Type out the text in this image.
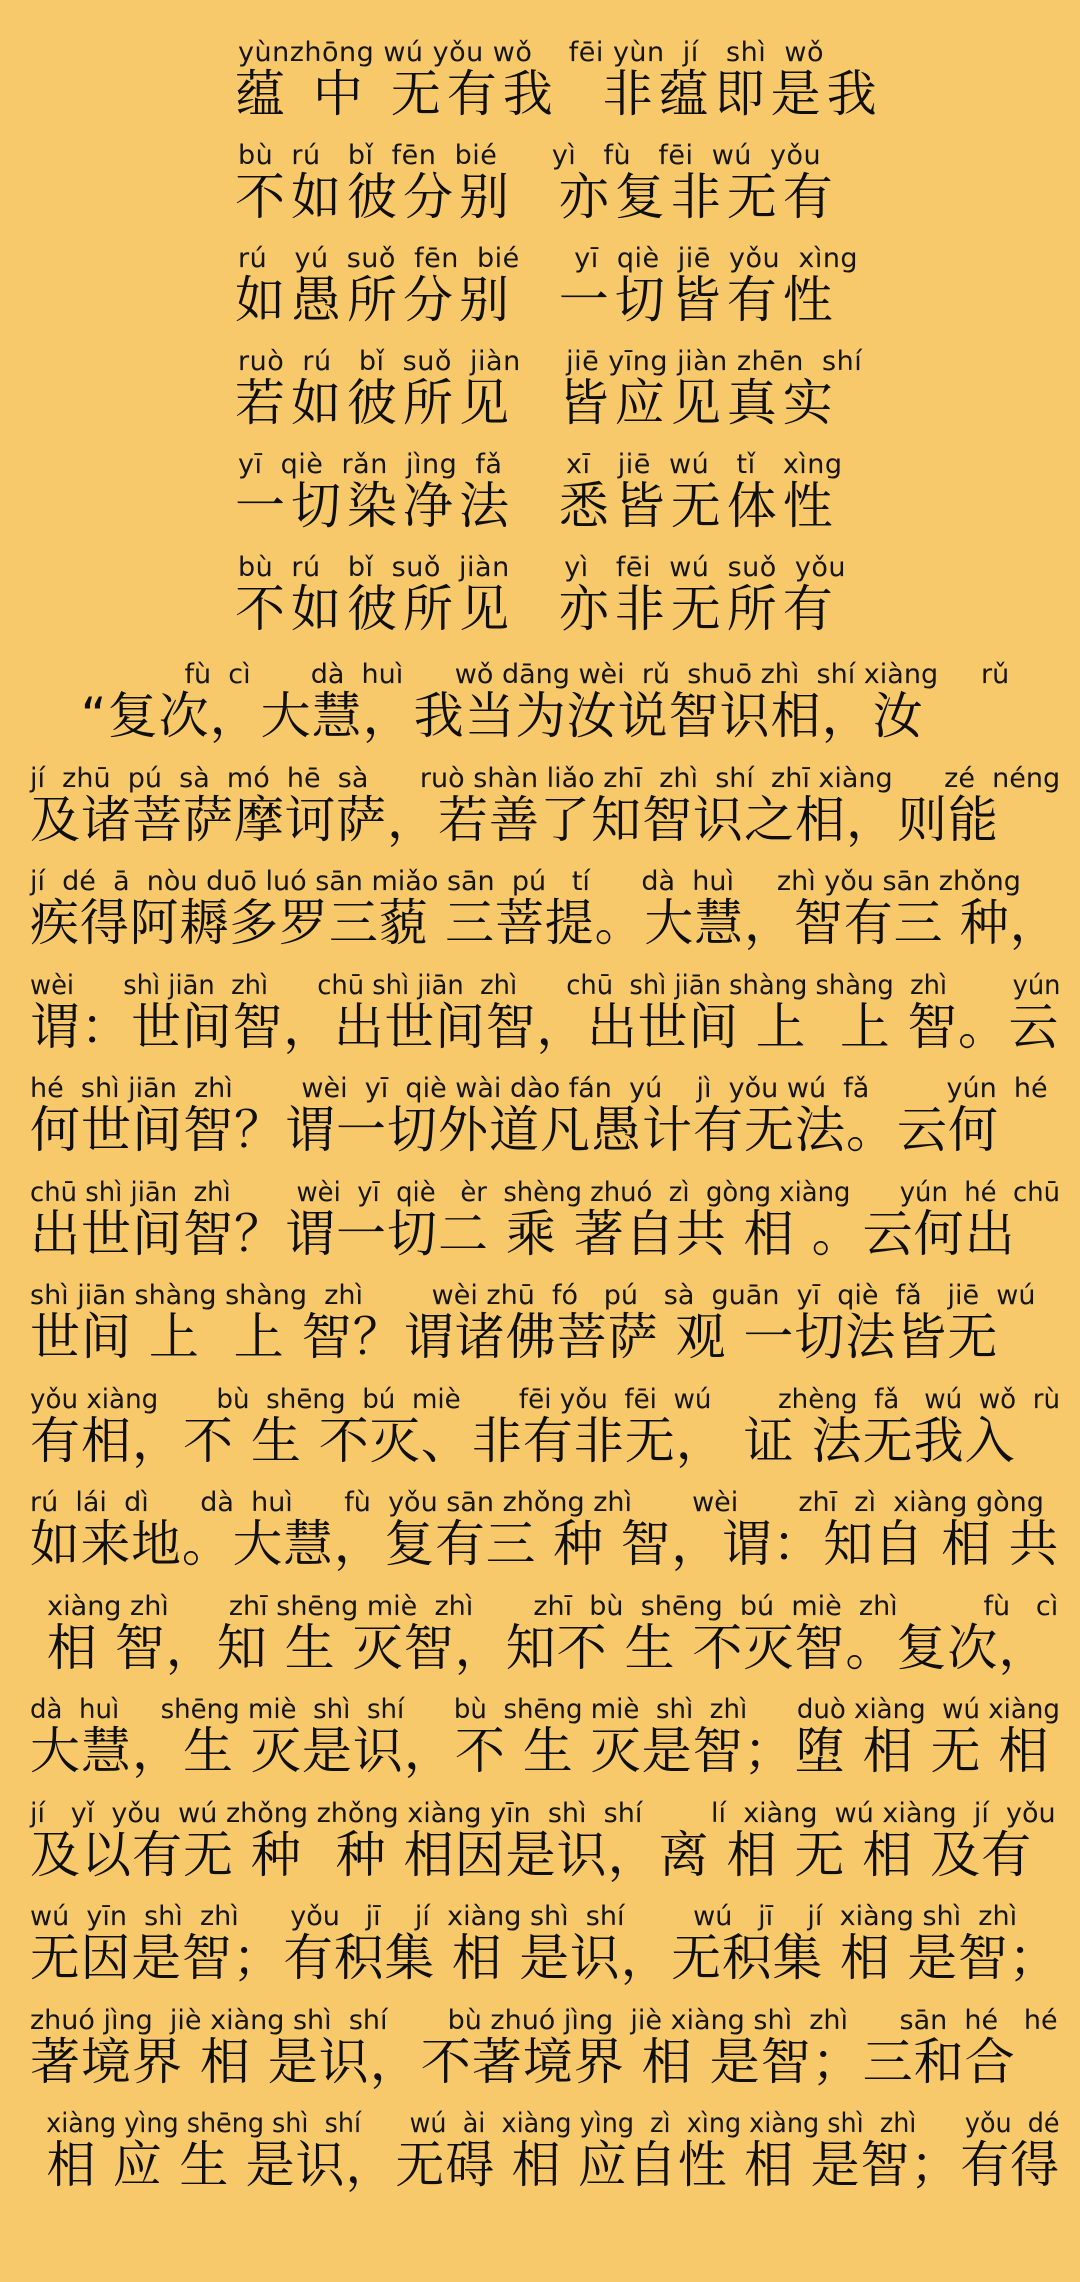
yùnzhōng wú yǒu wǒ    fēi yùn  jí   shì  wǒ
蕴 中 无有我  非蕴即是我
bù  rú   bǐ  fēn  bié      yì   fù   fēi  wú  yǒu
不如彼分别  亦复非无有
rú   yú  suǒ  fēn  bié      yī  qiè  jiē  yǒu  xìng
如愚所分别  一切皆有性
ruò  rú   bǐ  suǒ  jiàn     jiē yīng jiàn zhēn  shí
若如彼所见  皆应见真实
yī  qiè  rǎn  jìng  fǎ       xī   jiē  wú   tǐ   xìng
一切染净法  悉皆无体性
bù  rú   bǐ  suǒ  jiàn      yì   fēi  wú  suǒ  yǒu
不如彼所见  亦非无所有
fù  cì       dà  huì      wǒ dāng wèi  rǔ  shuō zhì  shí xiàng     rǔ
“复次，大慧，我当为汝说智识相，汝
jí  zhū  pú  sà  mó  hē  sà      ruò shàn liǎo zhī  zhì  shí  zhī xiàng      zé  néng
及诸菩萨摩诃萨，若善了知智识之相，则能
jí  dé  ā  nòu duō luó sān miǎo sān  pú   tí      dà  huì     zhì yǒu sān zhǒng
疾得阿耨多罗三藐 三菩提。大慧，智有三 种，
wèi      shì jiān  zhì      chū shì jiān  zhì      chū  shì jiān shàng shàng  zhì        yún
谓：世间智，出世间智，出世间 上  上 智。云
hé  shì jiān  zhì        wèi  yī  qiè wài dào fán  yú    jì  yǒu wú  fǎ         yún  hé
何世间智？谓一切外道凡愚计有无法。云何
chū shì jiān  zhì        wèi  yī  qiè   èr  shèng zhuó  zì  gòng xiàng      yún  hé  chū
出世间智？谓一切二 乘 著自共 相 。云何出
shì jiān shàng shàng  zhì        wèi zhū  fó   pú   sà  guān  yī  qiè  fǎ   jiē  wú
世间 上  上 智？谓诸佛菩萨 观 一切法皆无
yǒu xiàng       bù  shēng  bú  miè       fēi yǒu  fēi  wú        zhèng  fǎ   wú  wǒ  rù
有相，不 生 不灭、非有非无， 证 法无我入
rú  lái  dì      dà  huì      fù  yǒu sān zhǒng zhì       wèi       zhī  zì  xiàng gòng
如来地。大慧，复有三 种 智，谓：知自 相 共
xiàng zhì       zhī shēng miè  zhì       zhī  bù  shēng  bú  miè  zhì          fù   cì
相 智，知 生 灭智，知不 生 不灭智。复次，
dà  huì     shēng miè  shì  shí      bù  shēng miè  shì  zhì      duò xiàng  wú xiàng
大慧，生 灭是识，不 生 灭是智；堕 相 无 相
jí   yǐ  yǒu  wú zhǒng zhǒng xiàng yīn  shì  shí        lí  xiàng  wú xiàng  jí  yǒu
及以有无 种  种 相因是识，离 相 无 相 及有
wú  yīn  shì  zhì      yǒu   jī    jí  xiàng shì  shí        wú   jī    jí  xiàng shì  zhì
无因是智；有积集 相 是识，无积集 相 是智；
zhuó jìng  jiè xiàng shì  shí       bù zhuó jìng  jiè xiàng shì  zhì      sān  hé   hé
著境界 相 是识，不著境界 相 是智；三和合
xiàng yìng shēng shì  shí      wú  ài  xiàng yìng  zì  xìng xiàng shì  zhì      yǒu  dé
相 应 生 是识，无碍 相 应自性 相 是智；有得
